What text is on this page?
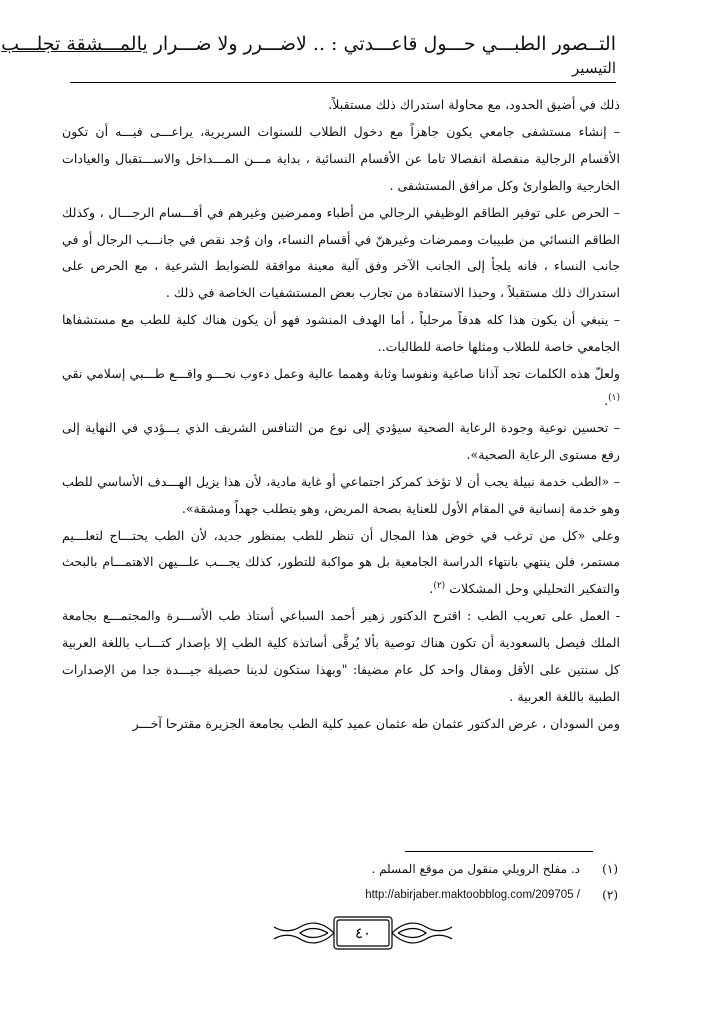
التــصور الطبـــي حـــول قاعـــدتي : .. لاضـــرر ولا ضـــرار يالمـــشقة تجلـــب
التيسير

ذلك في أضيق الحدود، مع محاولة استدراك ذلك مستقبلاً.

– إنشاء مستشفى جامعي يكون جاهزاً مع دخول الطلاب للسنوات السريرية، يراعـــى فيـــه أن تكون الأقسام الرجالية منفصلة انفصالا تاما عن الأقسام النسائية ، بداية مـــن المـــداخل والاســـتقبال والعيادات الخارجية والطوارئ وكل مرافق المستشفى .

– الحرص على توفير الطاقم الوظيفي الرجالي من أطباء وممرضين وغيرهم في أقـــسام الرجـــال ، وكذلك الطاقم النسائي من طبيبات وممرضات وغيرهنّ في أقسام النساء، وان وُجد نقص في جانـــب الرجال أو في جانب النساء ، فانه يلجأ إلى الجانب الآخر وفق آلية معينة موافقة للضوابط الشرعية ، مع الحرص على استدراك ذلك مستقبلاً ، وحبذا الاستفادة من تجارب بعض المستشفيات الخاصة في ذلك .

– ينبغي أن يكون هذا كله هدفاً مرحلياً ، أما الهدف المنشود فهو أن يكون هناك كلية للطب مع مستشفاها الجامعي خاصة للطلاب ومثلها خاصة للطالبات..

ولعلّ هذه الكلمات تجد آذانا صاغية ونفوسا وثابة وهمما عالية وعمل دءوب نحـــو واقـــع طـــبي إسلامي نقي $^{(١)}$.

– تحسين نوعية وجودة الرعاية الصحية سيؤدي إلى نوع من التنافس الشريف الذي يـــؤدي في النهاية إلى رفع مستوى الرعاية الصحية».

– «الطب خدمة نبيلة يجب أن لا تؤخذ كمركز اجتماعي أو غاية مادية، لأن هذا يزيل الهـــدف الأساسي للطب وهو خدمة إنسانية في المقام الأول للعناية بصحة المريض، وهو يتطلب جهداً ومشقة».

وعلى «كل من ترغب في خوض هذا المجال أن تنظر للطب بمنظور جديد، لأن الطب يحتـــاج لتعلـــيم مستمر، فلن ينتهي بانتهاء الدراسة الجامعية بل هو مواكبة للتطور، كذلك يجـــب علـــيهن الاهتمـــام بالبحث والتفكير التحليلي وحل المشكلات $^{(٢)}$.

- العمل على تعريب الطب : اقترح الدكتور زهير أحمد السباعي أستاذ طب الأســـرة والمجتمـــع بجامعة الملك فيصل بالسعودية أن تكون هناك توصية بألا يُرقَّى أساتذة كلية الطب إلا بإصدار كتـــاب باللغة العربية كل سنتين على الأقل ومقال واحد كل عام مضيفا: "وبهذا ستكون لدينا حصيلة جيـــدة جدا من الإصدارات الطبية باللغة العربية .

ومن السودان ، عرض الدكتور عثمان طه عثمان عميد كلية الطب بجامعة الجزيرة مقترحا آخـــر

(١)
د. مفلح الرويلي منقول من موقع المسلم .
(٢)
http://abirjaber.maktoobblog.com/209705 /
٤٠
